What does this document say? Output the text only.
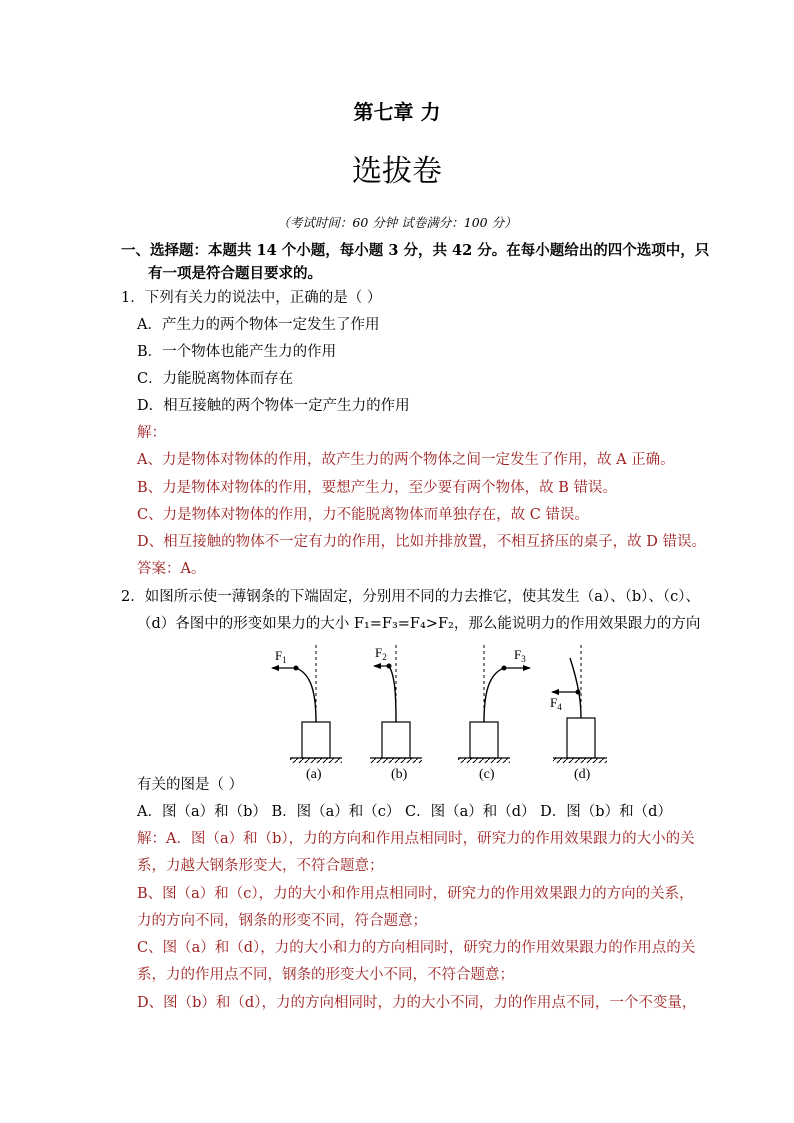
第七章 力
选拔卷
（考试时间：60 分钟 试卷满分：100 分）
一、选择题：本题共 14 个小题，每小题 3 分，共 42 分。在每小题给出的四个选项中，只
有一项是符合题目要求的。
1．下列有关力的说法中，正确的是（ ）
A．产生力的两个物体一定发生了作用
B．一个物体也能产生力的作用
C．力能脱离物体而存在
D．相互接触的两个物体一定产生力的作用
解：
A、力是物体对物体的作用，故产生力的两个物体之间一定发生了作用，故 A 正确。
B、力是物体对物体的作用，要想产生力，至少要有两个物体，故 B 错误。
C、力是物体对物体的作用，力不能脱离物体而单独存在，故 C 错误。
D、相互接触的物体不一定有力的作用，比如并排放置，不相互挤压的桌子，故 D 错误。
答案：A。
2．如图所示使一薄钢条的下端固定，分别用不同的力去推它，使其发生（a）、（b）、（c）、
（d）各图中的形变如果力的大小 F₁=F₃=F₄>F₂，那么能说明力的作用效果跟力的方向
$F_1$
(a)
$F_2$
(b)
$F_3$
(c)
$F_4$
(d)
有关的图是（ ）
A．图（a）和（b） B．图（a）和（c） C．图（a）和（d） D．图（b）和（d）
解：A．图（a）和（b），力的方向和作用点相同时，研究力的作用效果跟力的大小的关
系，力越大钢条形变大，不符合题意；
B、图（a）和（c），力的大小和作用点相同时，研究力的作用效果跟力的方向的关系，
力的方向不同，钢条的形变不同，符合题意；
C、图（a）和（d），力的大小和力的方向相同时，研究力的作用效果跟力的作用点的关
系，力的作用点不同，钢条的形变大小不同，不符合题意；
D、图（b）和（d），力的方向相同时，力的大小不同，力的作用点不同，一个不变量，
